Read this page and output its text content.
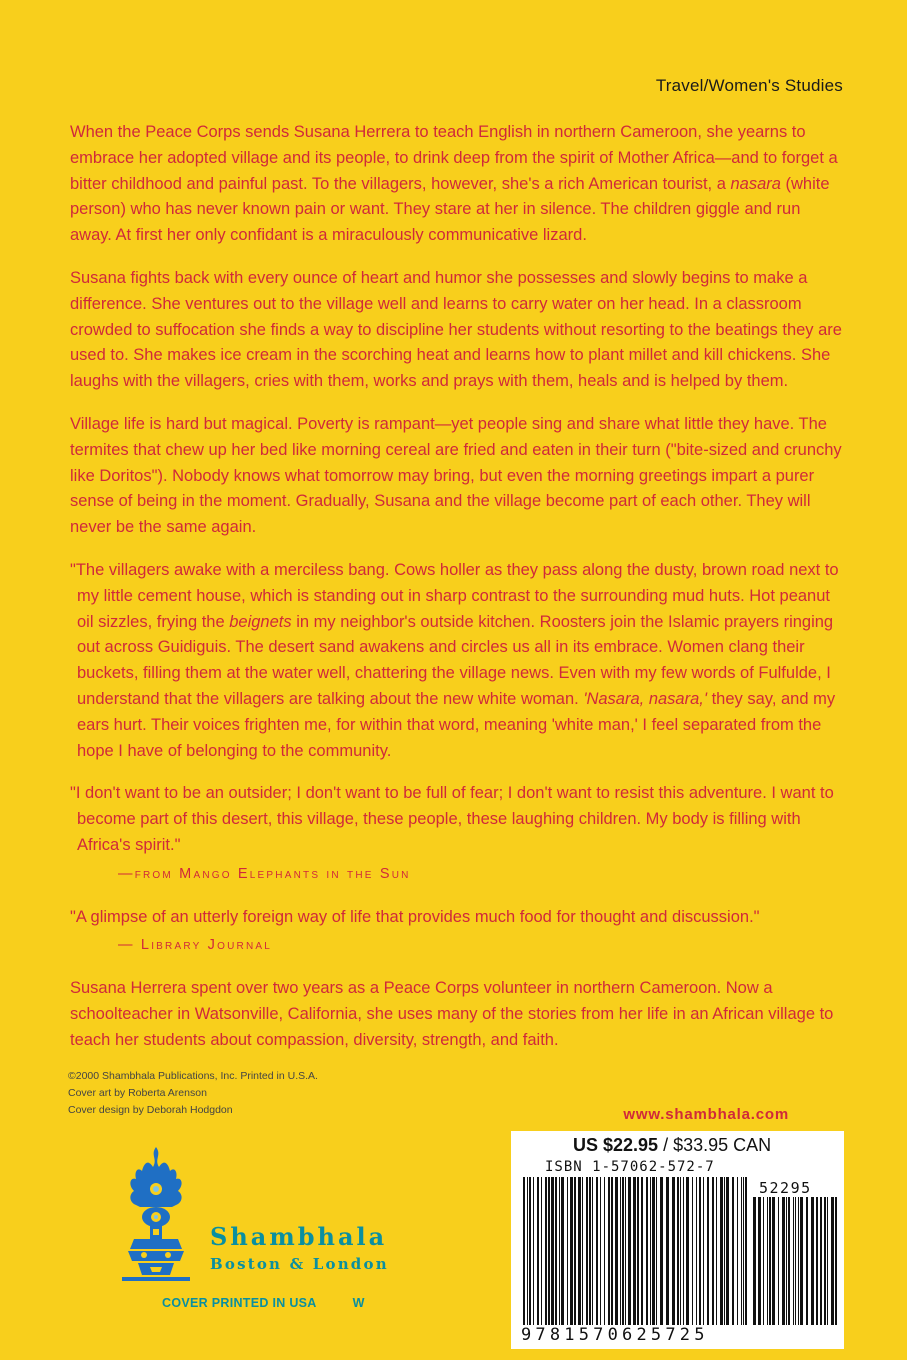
Travel/Women's Studies

When the Peace Corps sends Susana Herrera to teach English in northern Cameroon, she yearns to embrace her adopted village and its people, to drink deep from the spirit of Mother Africa—and to forget a bitter childhood and painful past. To the villagers, however, she's a rich American tourist, a nasara (white person) who has never known pain or want. They stare at her in silence. The children giggle and run away. At first her only confidant is a miraculously communicative lizard.

Susana fights back with every ounce of heart and humor she possesses and slowly begins to make a difference. She ventures out to the village well and learns to carry water on her head. In a classroom crowded to suffocation she finds a way to discipline her students without resorting to the beatings they are used to. She makes ice cream in the scorching heat and learns how to plant millet and kill chickens. She laughs with the villagers, cries with them, works and prays with them, heals and is helped by them.

Village life is hard but magical. Poverty is rampant—yet people sing and share what little they have. The termites that chew up her bed like morning cereal are fried and eaten in their turn ("bite-sized and crunchy like Doritos"). Nobody knows what tomorrow may bring, but even the morning greetings impart a purer sense of being in the moment. Gradually, Susana and the village become part of each other. They will never be the same again.

"The villagers awake with a merciless bang. Cows holler as they pass along the dusty, brown road next to my little cement house, which is standing out in sharp contrast to the surrounding mud huts. Hot peanut oil sizzles, frying the beignets in my neighbor's outside kitchen. Roosters join the Islamic prayers ringing out across Guidiguis. The desert sand awakens and circles us all in its embrace. Women clang their buckets, filling them at the water well, chattering the village news. Even with my few words of Fulfulde, I understand that the villagers are talking about the new white woman. 'Nasara, nasara,' they say, and my ears hurt. Their voices frighten me, for within that word, meaning 'white man,' I feel separated from the hope I have of belonging to the community.

"I don't want to be an outsider; I don't want to be full of fear; I don't want to resist this adventure. I want to become part of this desert, this village, these people, these laughing children. My body is filling with Africa's spirit."
—from Mango Elephants in the Sun
"A glimpse of an utterly foreign way of life that provides much food for thought and discussion."
— Library Journal

Susana Herrera spent over two years as a Peace Corps volunteer in northern Cameroon. Now a schoolteacher in Watsonville, California, she uses many of the stories from her life in an African village to teach her students about compassion, diversity, strength, and faith.

©2000 Shambhala Publications, Inc. Printed in U.S.A.
Cover art by Roberta Arenson
Cover design by Deborah Hodgdon	www.shambhala.com
Shambhala
Boston & London
COVER PRINTED IN USA	W
US $22.95 / $33.95 CAN
ISBN 1-57062-572-7
52295
9781570625725
